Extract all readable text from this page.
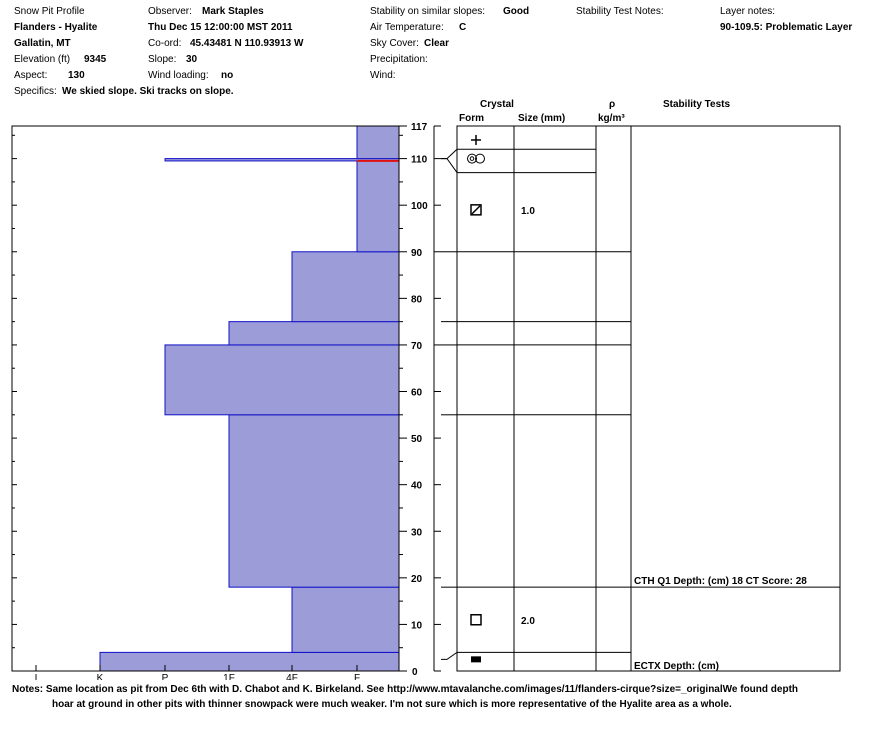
Snow Pit Profile
Flanders - Hyalite
Gallatin, MT
Elevation (ft) 9345
Aspect: 130
Specifics: We skied slope. Ski tracks on slope.
Observer: Mark Staples
Thu Dec 15 12:00:00 MST 2011
Co-ord: 45.43481 N 110.93913 W
Slope: 30
Wind loading: no
Stability on similar slopes: Good
Air Temperature: C
Sky Cover: Clear
Precipitation:
Wind:
Stability Test Notes:	Layer notes:
90-109.5: Problematic Layer
Crystal
Form	Size (mm)
ρ
kg/m³
Stability Tests
0
10
20
30
40
50
60
70
80
90
100
110
117
I	K	P	1F	4F	F
1.0
2.0
CTH Q1 Depth: (cm) 18 CT Score: 28
ECTX Depth: (cm)
Notes: Same location as pit from Dec 6th with D. Chabot and K. Birkeland. See http://www.mtavalanche.com/images/11/flanders-cirque?size=_originalWe found depth
hoar at ground in other pits with thinner snowpack were much weaker. I'm not sure which is more representative of the Hyalite area as a whole.
